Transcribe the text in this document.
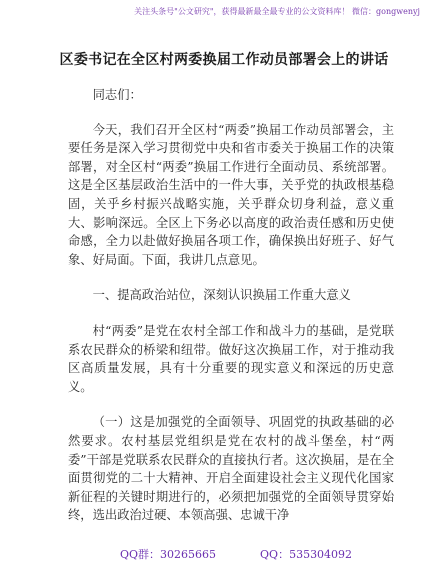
关注头条号"公文研究"，获得最新最全最专业的公文资料库！ 微信：gongwenyj
区委书记在全区村两委换届工作动员部署会上的讲话

同志们：

今天，我们召开全区村“两委”换届工作动员部署会，主要任务是深入学习贯彻党中央和省市委关于换届工作的决策部署，对全区村“两委”换届工作进行全面动员、系统部署。这是全区基层政治生活中的一件大事，关乎党的执政根基稳固，关乎乡村振兴战略实施，关乎群众切身利益，意义重大、影响深远。全区上下务必以高度的政治责任感和历史使命感，全力以赴做好换届各项工作，确保换出好班子、好气象、好局面。下面，我讲几点意见。

一、提高政治站位，深刻认识换届工作重大意义

村“两委”是党在农村全部工作和战斗力的基础，是党联系农民群众的桥梁和纽带。做好这次换届工作，对于推动我区高质量发展，具有十分重要的现实意义和深远的历史意义。

（一）这是加强党的全面领导、巩固党的执政基础的必然要求。农村基层党组织是党在农村的战斗堡垒，村“两委”干部是党联系农民群众的直接执行者。这次换届，是在全面贯彻党的二十大精神、开启全面建设社会主义现代化国家新征程的关键时期进行的，必须把加强党的全面领导贯穿始终，选出政治过硬、本领高强、忠诚干净

QQ群：30265665	QQ：535304092
